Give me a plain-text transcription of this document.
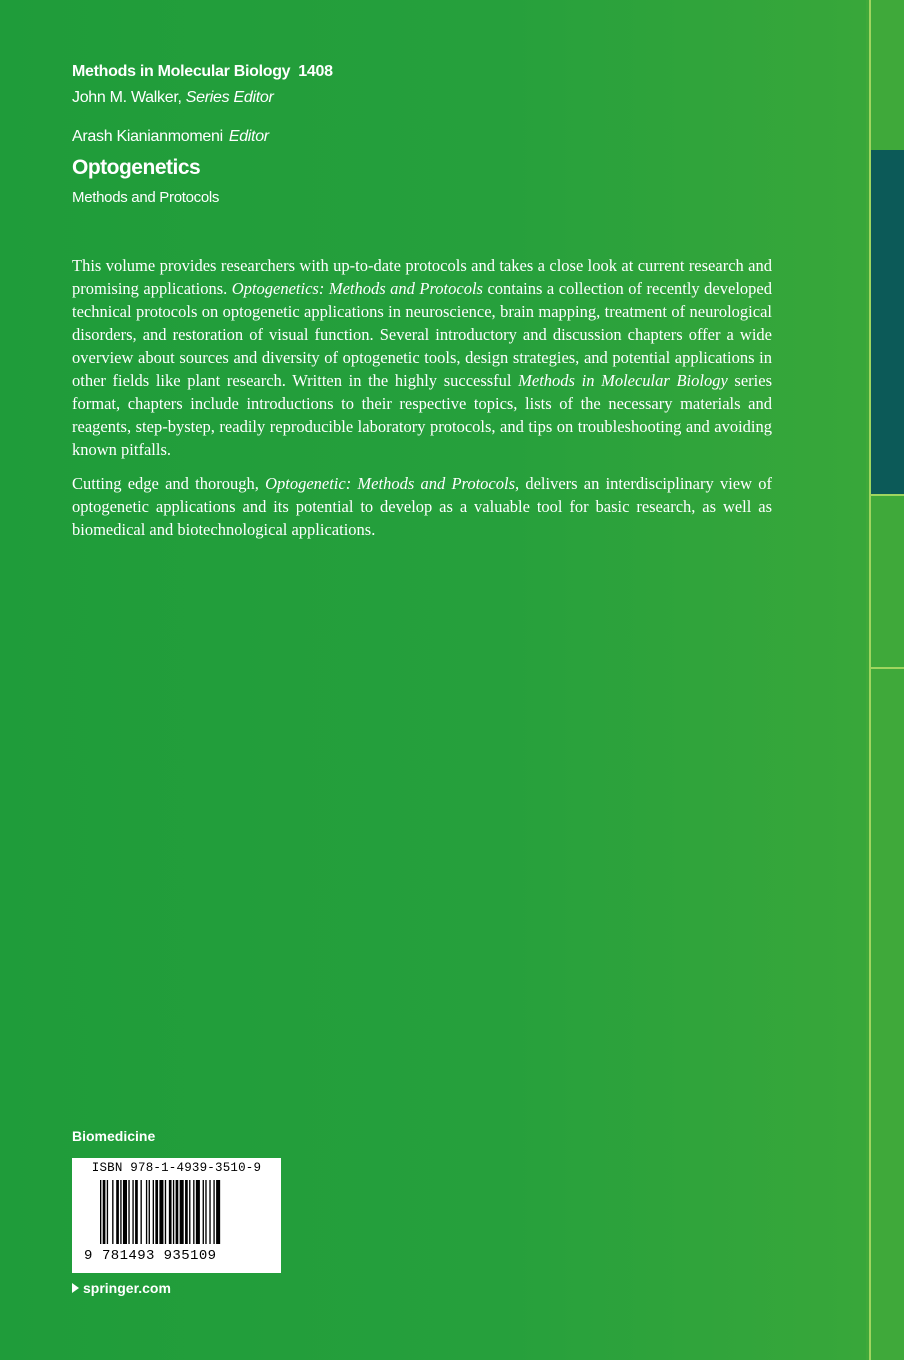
Methods in Molecular Biology 1408
John M. Walker, Series Editor
Arash Kianianmomeni Editor
Optogenetics
Methods and Protocols

This volume provides researchers with up-to-date protocols and takes a close look at current research and promising applications. Optogenetics: Methods and Protocols contains a collection of recently developed technical protocols on optogenetic applications in neuroscience, brain mapping, treatment of neurological disorders, and restoration of visual function. Several introductory and discussion chapters offer a wide overview about sources and diversity of optogenetic tools, design strategies, and potential applications in other fields like plant research. Written in the highly successful Methods in Molecular Biology series format, chapters include introductions to their respective topics, lists of the necessary materials and reagents, step-bystep, readily reproducible laboratory protocols, and tips on troubleshooting and avoiding known pitfalls.

Cutting edge and thorough, Optogenetic: Methods and Protocols, delivers an interdisciplinary view of optogenetic applications and its potential to develop as a valuable tool for basic research, as well as biomedical and biotechnological applications.

Biomedicine
ISBN 978-1-4939-3510-9
9 781493 935109
springer.com
